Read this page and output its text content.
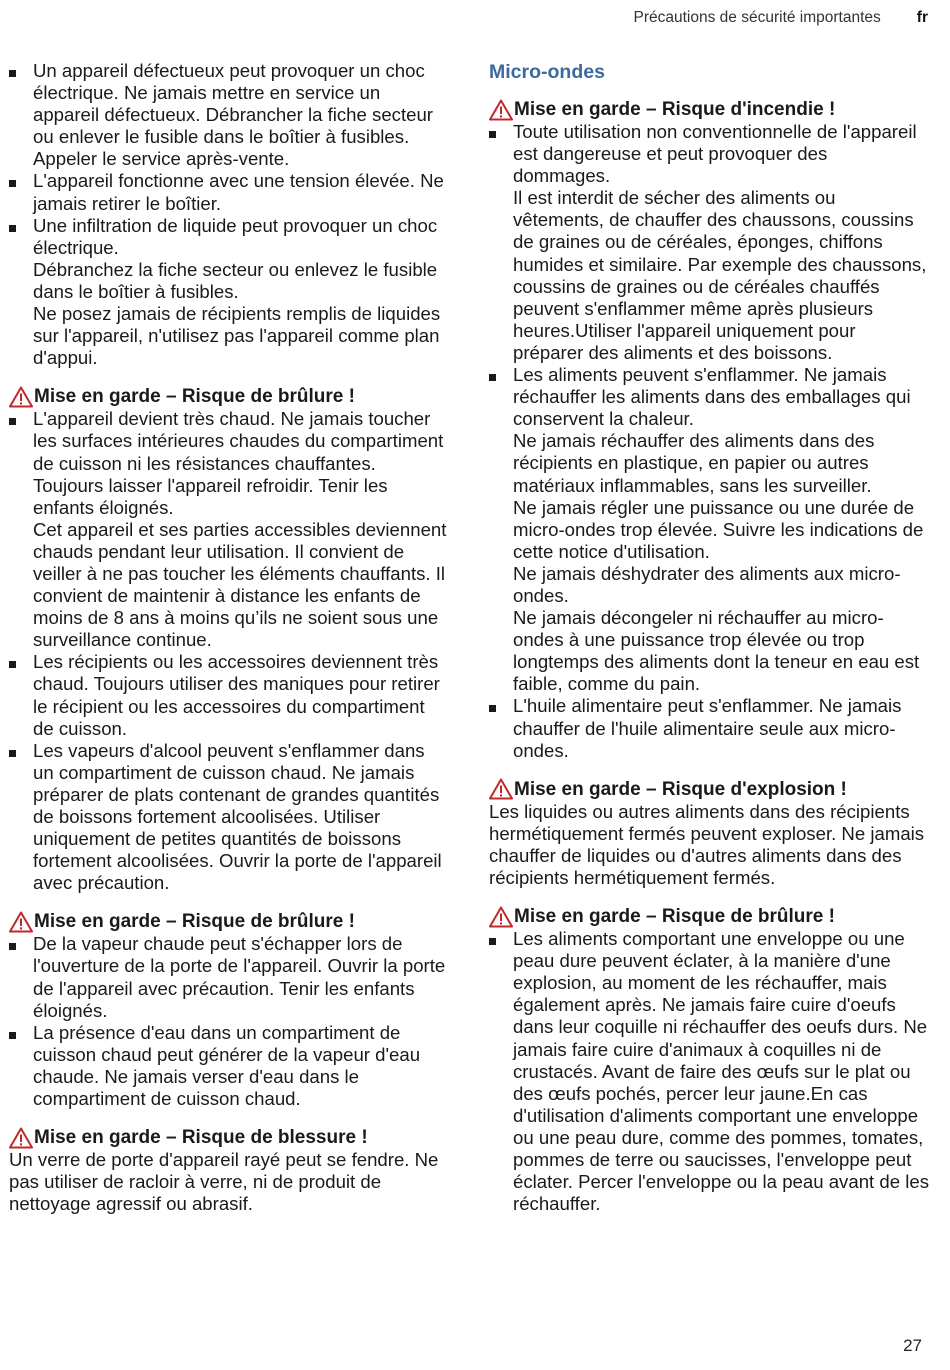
Précautions de sécurité importantes fr
Un appareil défectueux peut provoquer un choc électrique. Ne jamais mettre en service un appareil défectueux. Débrancher la fiche secteur ou enlever le fusible dans le boîtier à fusibles. Appeler le service après-vente.
L'appareil fonctionne avec une tension élevée. Ne jamais retirer le boîtier.
Une infiltration de liquide peut provoquer un choc électrique.
Débranchez la fiche secteur ou enlevez le fusible dans le boîtier à fusibles.
Ne posez jamais de récipients remplis de liquides sur l'appareil, n'utilisez pas l'appareil comme plan d'appui.
Mise en garde – Risque de brûlure !
L'appareil devient très chaud. Ne jamais toucher les surfaces intérieures chaudes du compartiment de cuisson ni les résistances chauffantes. Toujours laisser l'appareil refroidir. Tenir les enfants éloignés.
Cet appareil et ses parties accessibles deviennent chauds pendant leur utilisation. Il convient de veiller à ne pas toucher les éléments chauffants. Il convient de maintenir à distance les enfants de moins de 8 ans à moins qu’ils ne soient sous une surveillance continue.
Les récipients ou les accessoires deviennent très chaud. Toujours utiliser des maniques pour retirer le récipient ou les accessoires du compartiment de cuisson.
Les vapeurs d'alcool peuvent s'enflammer dans un compartiment de cuisson chaud. Ne jamais préparer de plats contenant de grandes quantités de boissons fortement alcoolisées. Utiliser uniquement de petites quantités de boissons fortement alcoolisées. Ouvrir la porte de l'appareil avec précaution.
Mise en garde – Risque de brûlure !
De la vapeur chaude peut s'échapper lors de l'ouverture de la porte de l'appareil. Ouvrir la porte de l'appareil avec précaution. Tenir les enfants éloignés.
La présence d'eau dans un compartiment de cuisson chaud peut générer de la vapeur d'eau chaude. Ne jamais verser d'eau dans le compartiment de cuisson chaud.
Mise en garde – Risque de blessure !
Un verre de porte d'appareil rayé peut se fendre. Ne pas utiliser de racloir à verre, ni de produit de nettoyage agressif ou abrasif.
Micro-ondes
Mise en garde – Risque d'incendie !
Toute utilisation non conventionnelle de l'appareil est dangereuse et peut provoquer des dommages.
Il est interdit de sécher des aliments ou vêtements, de chauffer des chaussons, coussins de graines ou de céréales, éponges, chiffons humides et similaire. Par exemple des chaussons, coussins de graines ou de céréales chauffés peuvent s'enflammer même après plusieurs heures.Utiliser l'appareil uniquement pour préparer des aliments et des boissons.
Les aliments peuvent s'enflammer. Ne jamais réchauffer les aliments dans des emballages qui conservent la chaleur.
Ne jamais réchauffer des aliments dans des récipients en plastique, en papier ou autres matériaux inflammables, sans les surveiller.
Ne jamais régler une puissance ou une durée de micro-ondes trop élevée. Suivre les indications de cette notice d'utilisation.
Ne jamais déshydrater des aliments aux micro-ondes.
Ne jamais décongeler ni réchauffer au micro-ondes à une puissance trop élevée ou trop longtemps des aliments dont la teneur en eau est faible, comme du pain.
L'huile alimentaire peut s'enflammer. Ne jamais chauffer de l'huile alimentaire seule aux micro-ondes.
Mise en garde – Risque d'explosion !
Les liquides ou autres aliments dans des récipients hermétiquement fermés peuvent exploser. Ne jamais chauffer de liquides ou d'autres aliments dans des récipients hermétiquement fermés.
Mise en garde – Risque de brûlure !
Les aliments comportant une enveloppe ou une peau dure peuvent éclater, à la manière d'une explosion, au moment de les réchauffer, mais également après. Ne jamais faire cuire d'oeufs dans leur coquille ni réchauffer des oeufs durs. Ne jamais faire cuire d'animaux à coquilles ni de crustacés. Avant de faire des œufs sur le plat ou des œufs pochés, percer leur jaune.En cas d'utilisation d'aliments comportant une enveloppe ou une peau dure, comme des pommes, tomates, pommes de terre ou saucisses, l'enveloppe peut éclater. Percer l'enveloppe ou la peau avant de les réchauffer.
27
